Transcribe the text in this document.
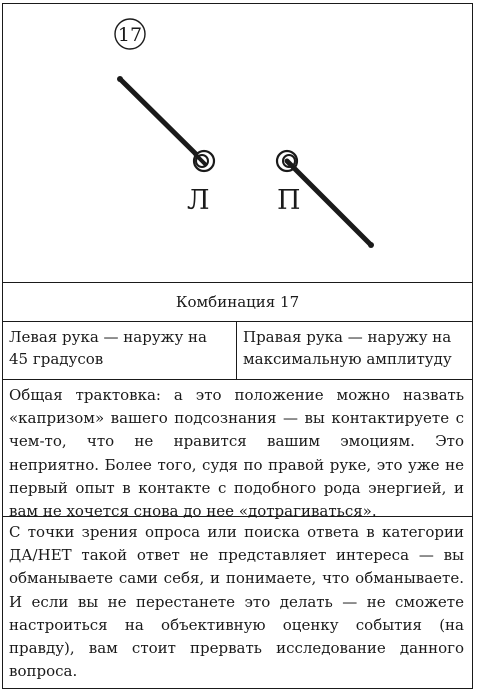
17
Л П
Комбинация 17
Левая рука — наружу на 45 градусов
Правая рука — наружу на максимальную амплитуду
Общая трактовка: а это положение можно назвать «капризом» вашего подсознания — вы контактируете с чем-то, что не нравится вашим эмоциям. Это неприятно. Более того, судя по правой руке, это уже не первый опыт в контакте с подобного рода энергией, и вам не хочется снова до нее «дотрагиваться».
С точки зрения опроса или поиска ответа в категории ДА/НЕТ такой ответ не представляет интереса — вы обманываете сами себя, и понимаете, что обманываете. И если вы не перестанете это делать — не сможете настроиться на объективную оценку события (на правду), вам стоит прервать исследование данного вопроса.
